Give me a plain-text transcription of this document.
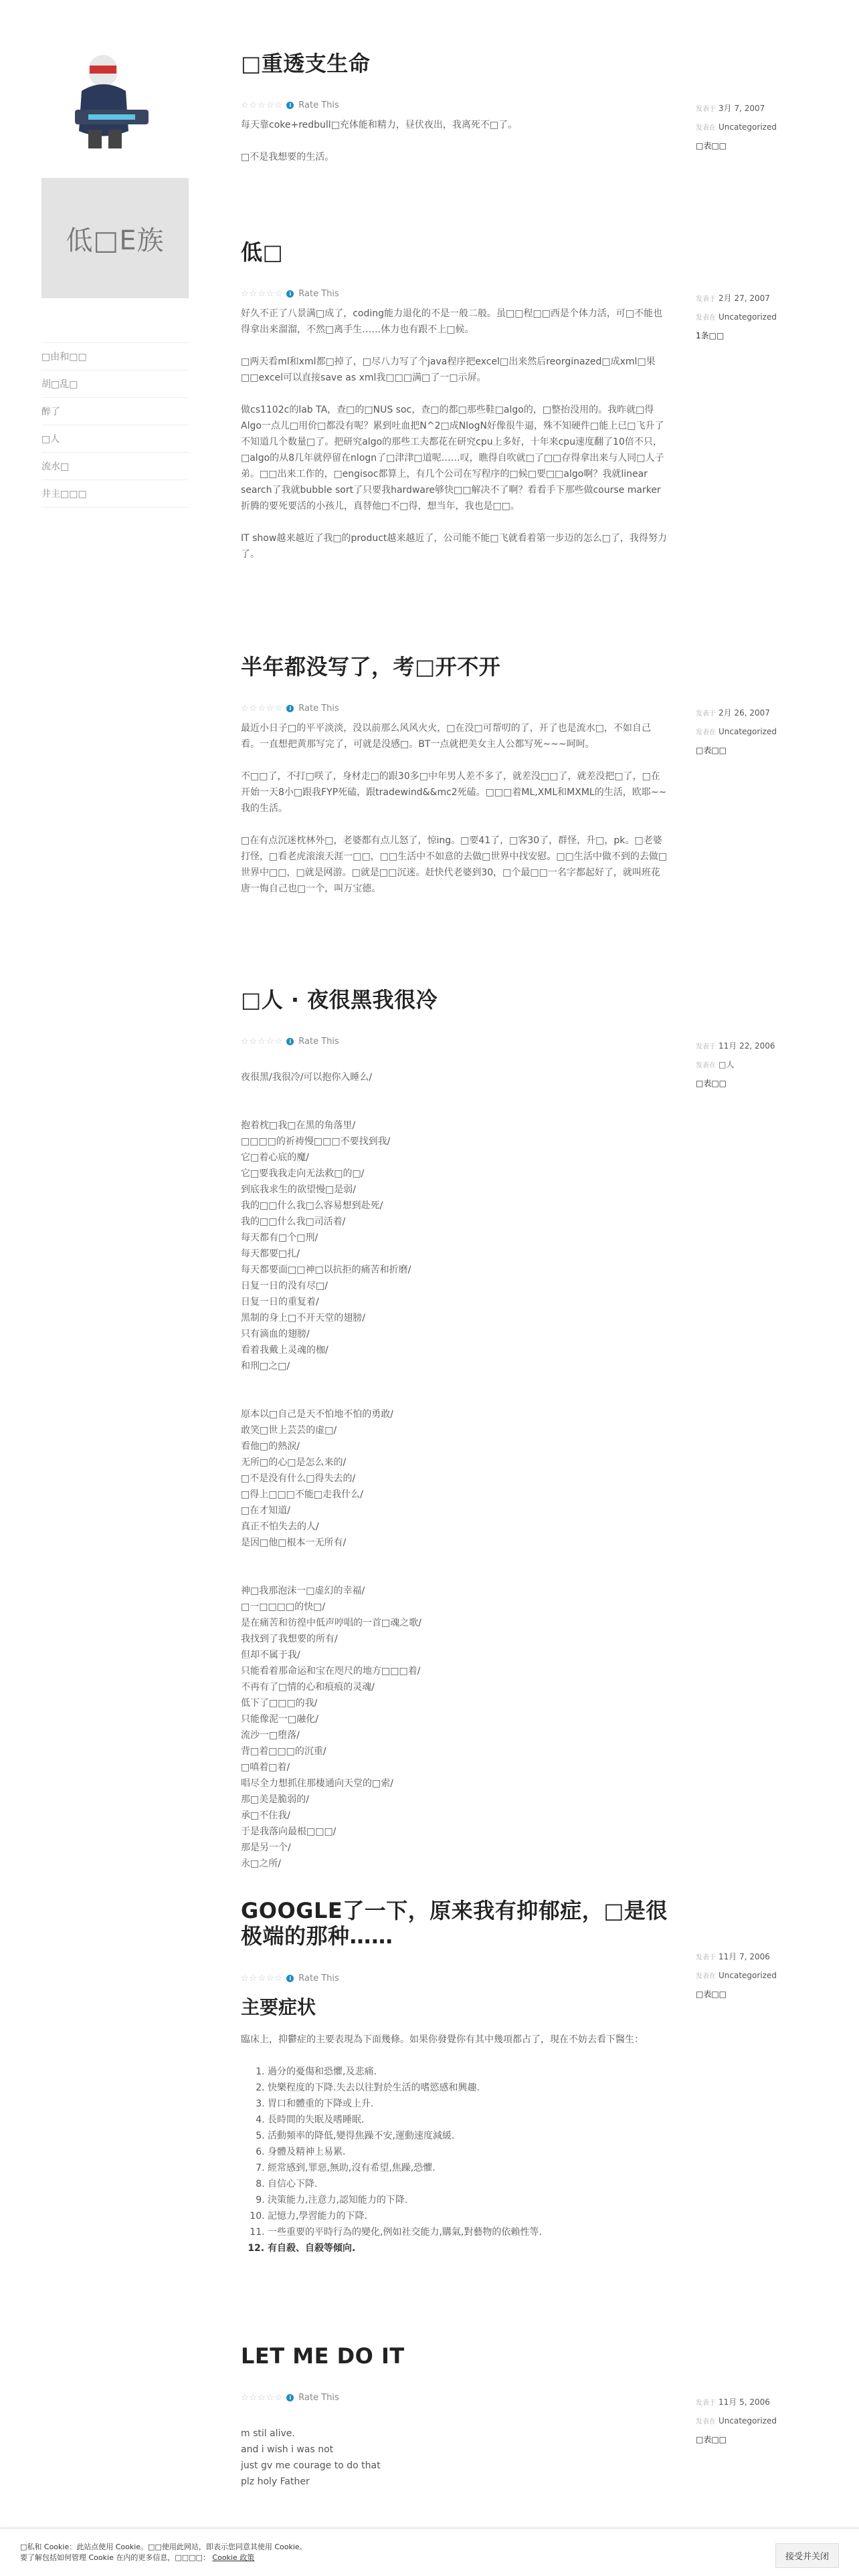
低□E族
□由和□□
胡□乱□
醉了
□人
流水□
井主□□□
□重透支生命
☆☆☆☆☆	i Rate This

每天靠coke+redbull□充体能和精力，昼伏夜出，我离死不□了。

□不是我想要的生活。

发表于 3月 7, 2007
发表在 Uncategorized
□表□□
低□
☆☆☆☆☆	i Rate This

好久不正了八景满□成了，coding能力退化的不是一般二般。虽□□程□□西是个体力活，可□不能也得拿出来溜溜，不然□离手生……体力也有跟不上□候。

□两天看ml和xml都□掉了，□尽八力写了个java程序把excel□出来然后reorginazed□成xml□果□□excel可以直接save as xml我□□□满□了一□示屏。

做cs1102c的lab TA，查□的□NUS soc，查□的都□那些鞋□algo的，□整抬没用的。我昨就□得Algo一点儿□用价□都没有呢？累到吐血把N^2□成NlogN好像很牛逼，殊不知硬件□能上已□飞升了不知道几个数量□了。把研究algo的那些工夫都花在研究cpu上多好，十年来cpu速度翻了10倍不只，□algo的从8几年就停留在nlogn了□津津□道呢……叹，瞧得自吹就□了□□存得拿出来与人同□人子弟。□□出来工作的，□engisoc都算上，有几个公司在写程序的□候□要□□algo啊？我就linear search了我就bubble sort了只要我hardware够快□□解决不了啊？看看手下那些做course marker折腾的要死要活的小孩儿，真替他□不□得，想当年，我也是□□。

IT show越来越近了我□的product越来越近了，公司能不能□飞就看着第一步迈的怎么□了，我得努力了。

发表于 2月 27, 2007
发表在 Uncategorized
1条□□
半年都没写了，考□开不开
☆☆☆☆☆	i Rate This

最近小日子□的平平淡淡，没以前那么风风火火，□在没□可帮叨的了，开了也是流水□，不如自己看。一直想把黄那写完了，可就是没感□。BT一点就把美女主人公都写死~~~呵呵。

不□□了，不打□咲了，身材走□的跟30多□中年男人差不多了，就差没□□了，就差没把□了，□在开始一天8小□跟我FYP死磕，跟tradewind&&mc2死磕。□□□着ML,XML和MXML的生活，欧耶~~我的生活。

□在有点沉迷枕林外□，老婆都有点儿怒了，惊ing。□要41了，□客30了，群怪，升□，pk。□老婆打怪，□看老虎滚滚天涯一□□，□□生活中不如意的去做□世界中找安慰。□□生活中做不到的去做□世界中□□，□就是网游。□就是□□沉迷。赶快代老婆到30，□个最□□一名字都起好了，就叫班花唐一悔自己也□一个，叫万宝德。

发表于 2月 26, 2007
发表在 Uncategorized
□表□□
□人 · 夜很黑我很冷
☆☆☆☆☆	i Rate This

夜很黑/我很冷/可以抱你入睡么/

抱着枕□我□在黑的角落里/
□□□□的祈祷慢□□□不要找到我/
它□着心底的魔/
它□要我我走向无法救□的□/
到底我求生的欲望慢□是弱/
我的□□什么我□么容易想到赴死/
我的□□什么我□司活着/
每天都有□个□刑/
每天都要□扎/
每天都要面□□神□以抗拒的痛苦和折磨/
日复一日的没有尽□/
日复一日的重复着/
黑制的身上□不开天堂的翅膀/
只有滴血的翅膀/
看着我戴上灵魂的枷/
和刑□之□/

原本以□自己是天不怕地不怕的勇敢/
敢笑□世上芸芸的虚□/
看他□的熱淚/
无所□的心□是怎么来的/
□不是没有什么□得失去的/
□得上□□□不能□走我什么/
□在才知道/
真正不怕失去的人/
是因□他□根本一无所有/

神□我那泡沫一□虚幻的幸福/
□一□□□□的快□/
是在痛苦和彷徨中低声哼唱的一首□魂之歌/
我找到了我想要的所有/
但却不属于我/
只能看着那命运和宝在咫尺的地方□□□着/
不再有了□情的心和痕痕的灵魂/
低下了□□□的我/
只能像泥一□融化/
流沙一□堕落/
背□着□□□的沉重/
□嗔着□着/
唱尽全力想抓住那棲通向天堂的□索/
那□美是脆弱的/
承□不住我/
于是我落向最根□□□/
那是另一个/
永□之所/

发表于 11月 22, 2006
发表在 □人
□表□□
GOOGLE了一下，原来我有抑郁症，□是很极端的那种……
☆☆☆☆☆	i Rate This
主要症状

臨床上，抑鬱症的主要表現為下面幾條。如果你發覺你有其中幾項都占了，現在不妨去看下醫生：

1. 過分的憂傷和恐懼,及悲痛.
2. 快樂程度的下降.失去以往對於生活的嗜慾感和興趣.
3. 胃口和體重的下降或上升.
4. 長時間的失眠及嗜睡眠.
5. 活動頻率的降低,變得焦躁不安,運動速度減緩.
6. 身體及精神上易累.
7. 經常感到,罪惡,無助,沒有希望,焦躁,恐懼.
8. 自信心下降.
9. 決策能力,注意力,認知能力的下降.
10. 記憶力,學習能力的下降.
11. 一些重要的平時行為的變化,例如社交能力,購氣,對藝物的依賴性等.
12. 有自殺、自殺等傾向.
发表于 11月 7, 2006
发表在 Uncategorized
□表□□
LET ME DO IT
☆☆☆☆☆	i Rate This

m stil alive.
and i wish i was not
just gv me courage to do that
plz holy Father

发表于 11月 5, 2006
发表在 Uncategorized
□表□□
□私和 Cookie：此站点使用 Cookie。□□使用此网站，即表示您同意其使用 Cookie。
要了解包括如何管理 Cookie 在内的更多信息，□□□□： Cookie 政策	接受并关闭
